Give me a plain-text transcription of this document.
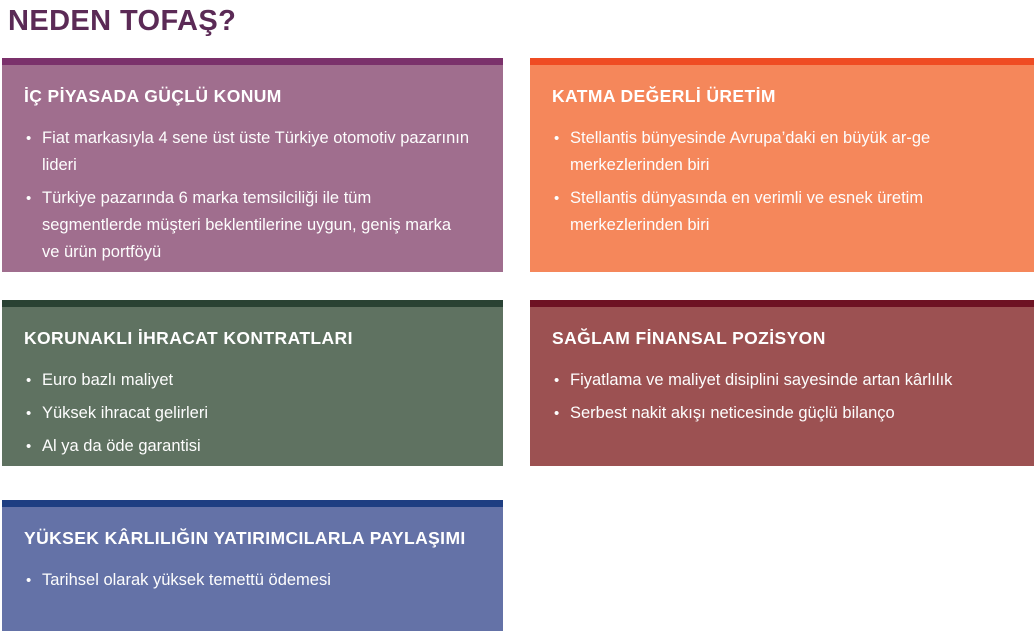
NEDEN TOFAŞ?
İÇ PİYASADA GÜÇLÜ KONUM
• Fiat markasıyla 4 sene üst üste Türkiye otomotiv pazarının lideri
• Türkiye pazarında 6 marka temsilciliği ile tüm segmentlerde müşteri beklentilerine uygun, geniş marka ve ürün portföyü
KATMA DEĞERLİ ÜRETİM
• Stellantis bünyesinde Avrupa’daki en büyük ar-ge merkezlerinden biri
• Stellantis dünyasında en verimli ve esnek üretim merkezlerinden biri
KORUNAKLI İHRACAT KONTRATLARI
• Euro bazlı maliyet
• Yüksek ihracat gelirleri
• Al ya da öde garantisi
SAĞLAM FİNANSAL POZİSYON
• Fiyatlama ve maliyet disiplini sayesinde artan kârlılık
• Serbest nakit akışı neticesinde güçlü bilanço
YÜKSEK KÂRLILIĞIN YATIRIMCILARLA PAYLAŞIMI
• Tarihsel olarak yüksek temettü ödemesi
